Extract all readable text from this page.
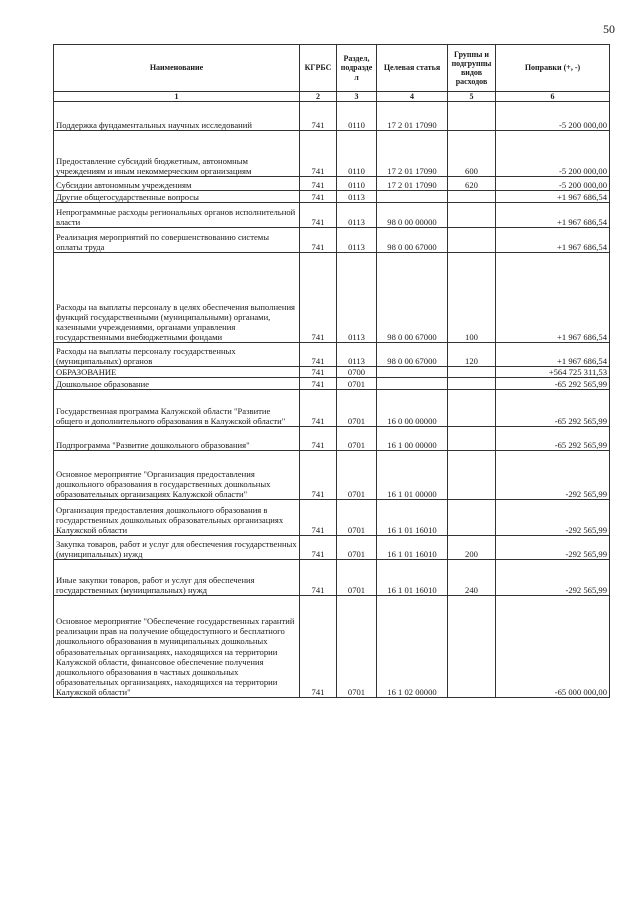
50
Наименование	КГРБС	Раздел, подразде л	Целевая статья	Группы и подгруппы видов расходов	Поправки (+, -)
1	2	3	4	5	6
Поддержка фундаментальных научных исследований	741	0110	17 2 01 17090		-5 200 000,00
Предоставление субсидий бюджетным, автономным учреждениям и иным некоммерческим организациям	741	0110	17 2 01 17090	600	-5 200 000,00
Субсидии автономным учреждениям	741	0110	17 2 01 17090	620	-5 200 000,00
Другие общегосударственные вопросы	741	0113			+1 967 686,54
Непрограммные расходы региональных органов исполнительной власти	741	0113	98 0 00 00000		+1 967 686,54
Реализация мероприятий по совершенствованию системы оплаты труда	741	0113	98 0 00 67000		+1 967 686,54
Расходы на выплаты персоналу в целях обеспечения выполнения функций государственными (муниципальными) органами, казенными учреждениями, органами управления государственными внебюджетными фондами	741	0113	98 0 00 67000	100	+1 967 686,54
Расходы на выплаты персоналу государственных (муниципальных) органов	741	0113	98 0 00 67000	120	+1 967 686,54
ОБРАЗОВАНИЕ	741	0700			+564 725 311,53
Дошкольное образование	741	0701			-65 292 565,99
Государственная программа Калужской области "Развитие общего и дополнительного образования в Калужской области"	741	0701	16 0 00 00000		-65 292 565,99
Подпрограмма "Развитие дошкольного образования"	741	0701	16 1 00 00000		-65 292 565,99
Основное мероприятие "Организация предоставления дошкольного образования в государственных дошкольных образовательных организациях Калужской области"	741	0701	16 1 01 00000		-292 565,99
Организация предоставления дошкольного образования в государственных дошкольных образовательных организациях Калужской области	741	0701	16 1 01 16010		-292 565,99
Закупка товаров, работ и услуг для обеспечения государственных (муниципальных) нужд	741	0701	16 1 01 16010	200	-292 565,99
Иные закупки товаров, работ и услуг для обеспечения государственных (муниципальных) нужд	741	0701	16 1 01 16010	240	-292 565,99
Основное мероприятие "Обеспечение государственных гарантий реализации прав на получение общедоступного и бесплатного дошкольного образования в муниципальных дошкольных образовательных организациях, находящихся на территории Калужской области, финансовое обеспечение получения дошкольного образования в частных дошкольных образовательных организациях, находящихся на территории Калужской области"	741	0701	16 1 02 00000		-65 000 000,00
